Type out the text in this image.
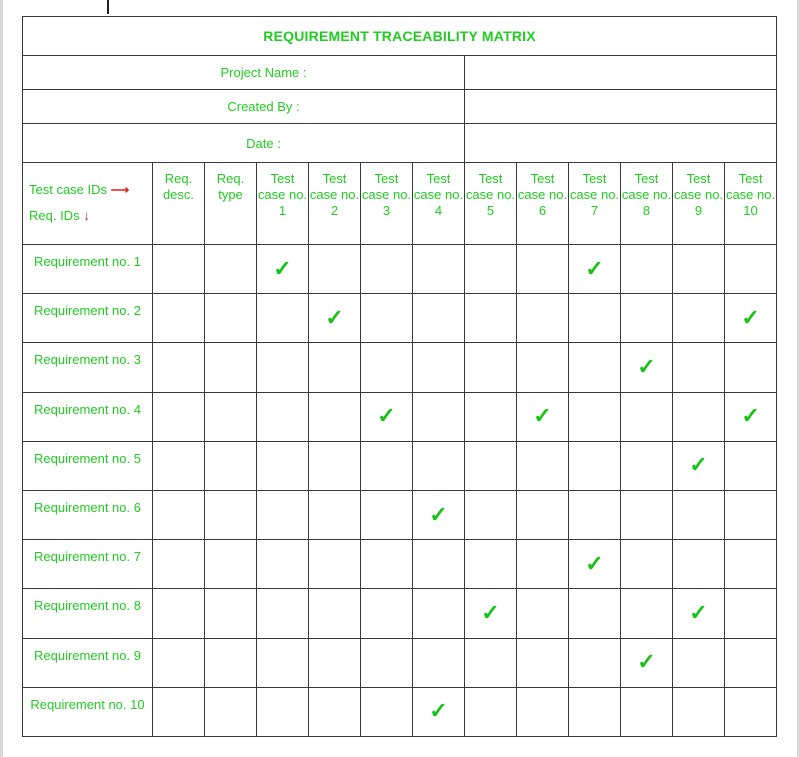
REQUIREMENT TRACEABILITY MATRIX												
Project Name :												
Created By :												
Date :												

Test case IDs ⟶
Req. IDs ↓	Req. desc.	Req. type	Test case no. 1	Test case no. 2	Test case no. 3	Test case no. 4	Test case no. 5	Test case no. 6	Test case no. 7	Test case no. 8	Test case no. 9	Test case no. 10
Requirement no. 1			✓						✓			
Requirement no. 2				✓								✓
Requirement no. 3										✓		
Requirement no. 4					✓			✓				✓
Requirement no. 5											✓	
Requirement no. 6						✓						
Requirement no. 7									✓			
Requirement no. 8							✓				✓	
Requirement no. 9										✓		
Requirement no. 10						✓						
